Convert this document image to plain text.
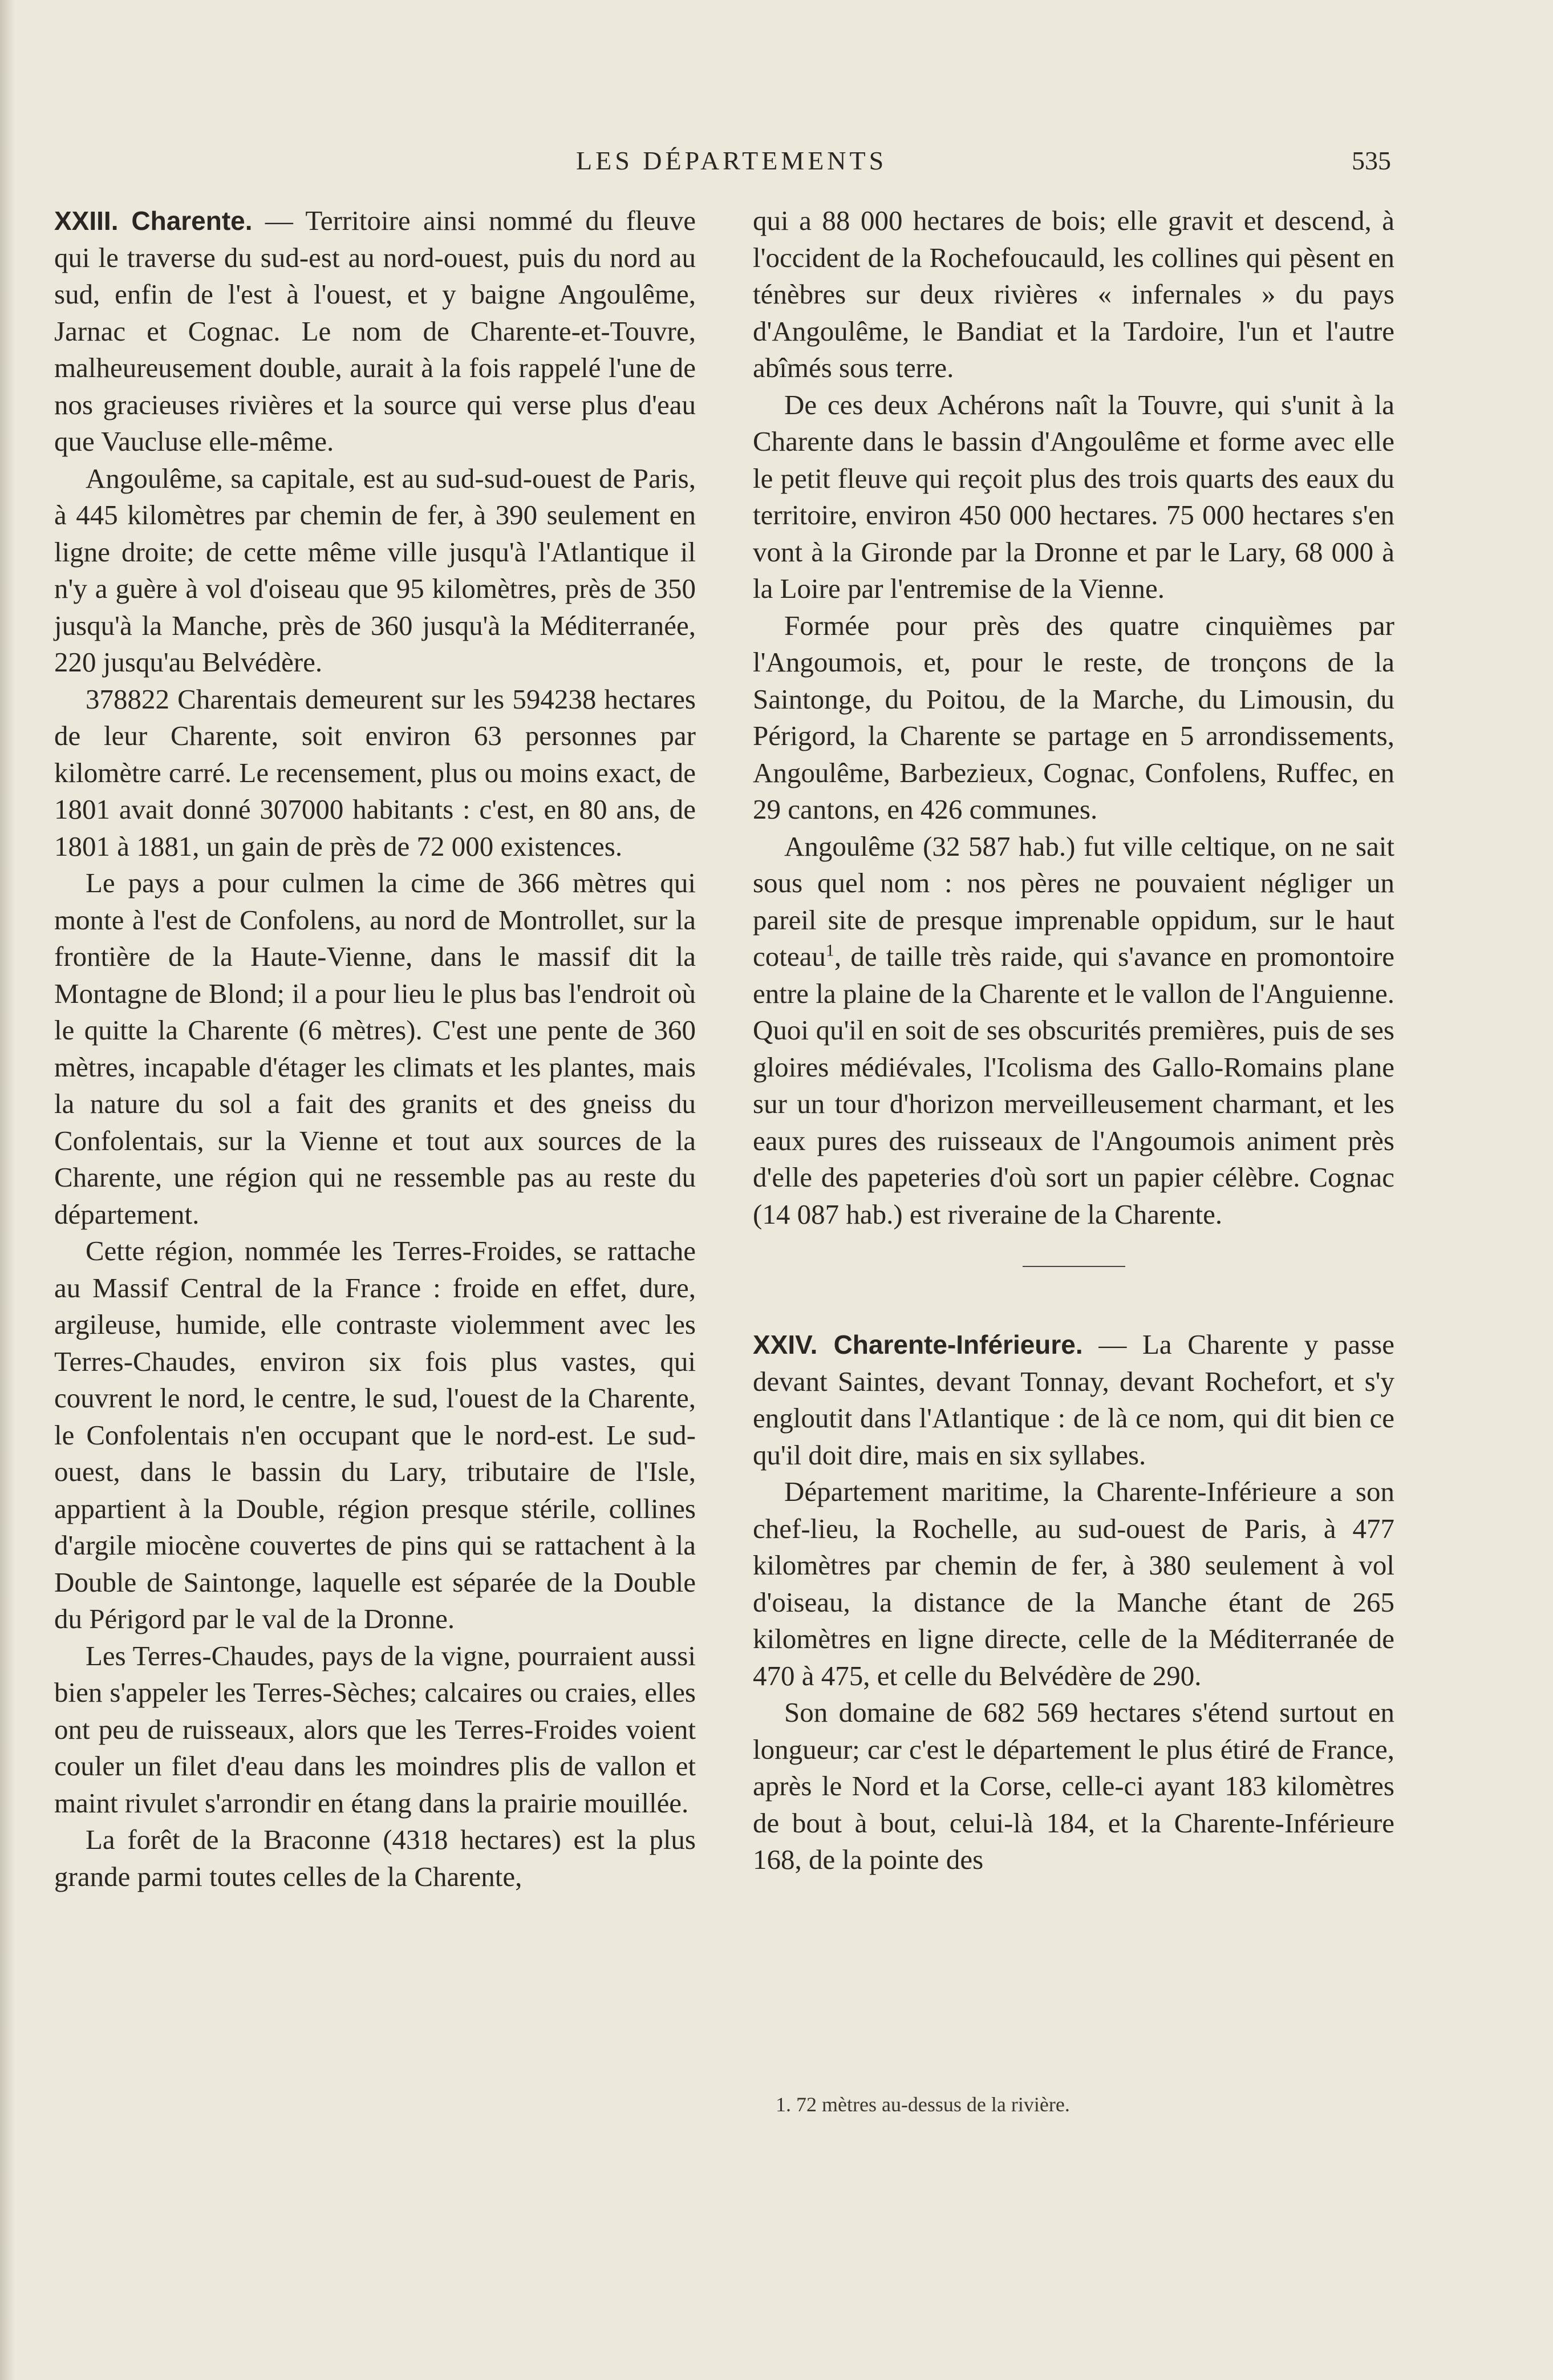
LES DÉPARTEMENTS	535

XXIII. Charente. — Territoire ainsi nommé du fleuve qui le traverse du sud-est au nord-ouest, puis du nord au sud, enfin de l'est à l'ouest, et y baigne Angoulême, Jarnac et Cognac. Le nom de Charente-et-Touvre, malheureusement double, aurait à la fois rappelé l'une de nos gracieuses rivières et la source qui verse plus d'eau que Vaucluse elle-même.

Angoulême, sa capitale, est au sud-sud-ouest de Paris, à 445 kilomètres par chemin de fer, à 390 seulement en ligne droite; de cette même ville jusqu'à l'Atlantique il n'y a guère à vol d'oiseau que 95 kilomètres, près de 350 jusqu'à la Manche, près de 360 jusqu'à la Méditerranée, 220 jusqu'au Belvédère.

378822 Charentais demeurent sur les 594238 hectares de leur Charente, soit environ 63 personnes par kilomètre carré. Le recensement, plus ou moins exact, de 1801 avait donné 307000 habitants : c'est, en 80 ans, de 1801 à 1881, un gain de près de 72 000 existences.

Le pays a pour culmen la cime de 366 mètres qui monte à l'est de Confolens, au nord de Montrollet, sur la frontière de la Haute-Vienne, dans le massif dit la Montagne de Blond; il a pour lieu le plus bas l'endroit où le quitte la Charente (6 mètres). C'est une pente de 360 mètres, incapable d'étager les climats et les plantes, mais la nature du sol a fait des granits et des gneiss du Confolentais, sur la Vienne et tout aux sources de la Charente, une région qui ne ressemble pas au reste du département.

Cette région, nommée les Terres-Froides, se rattache au Massif Central de la France : froide en effet, dure, argileuse, humide, elle contraste violemment avec les Terres-Chaudes, environ six fois plus vastes, qui couvrent le nord, le centre, le sud, l'ouest de la Charente, le Confolentais n'en occupant que le nord-est. Le sud-ouest, dans le bassin du Lary, tributaire de l'Isle, appartient à la Double, région presque stérile, collines d'argile miocène couvertes de pins qui se rattachent à la Double de Saintonge, laquelle est séparée de la Double du Périgord par le val de la Dronne.

Les Terres-Chaudes, pays de la vigne, pourraient aussi bien s'appeler les Terres-Sèches; calcaires ou craies, elles ont peu de ruisseaux, alors que les Terres-Froides voient couler un filet d'eau dans les moindres plis de vallon et maint rivulet s'arrondir en étang dans la prairie mouillée.

La forêt de la Braconne (4318 hectares) est la plus grande parmi toutes celles de la Charente,

qui a 88 000 hectares de bois; elle gravit et descend, à l'occident de la Rochefoucauld, les collines qui pèsent en ténèbres sur deux rivières « infernales » du pays d'Angoulême, le Bandiat et la Tardoire, l'un et l'autre abîmés sous terre.

De ces deux Achérons naît la Touvre, qui s'unit à la Charente dans le bassin d'Angoulême et forme avec elle le petit fleuve qui reçoit plus des trois quarts des eaux du territoire, environ 450 000 hectares. 75 000 hectares s'en vont à la Gironde par la Dronne et par le Lary, 68 000 à la Loire par l'entremise de la Vienne.

Formée pour près des quatre cinquièmes par l'Angoumois, et, pour le reste, de tronçons de la Saintonge, du Poitou, de la Marche, du Limousin, du Périgord, la Charente se partage en 5 arrondissements, Angoulême, Barbezieux, Cognac, Confolens, Ruffec, en 29 cantons, en 426 communes.

Angoulême (32 587 hab.) fut ville celtique, on ne sait sous quel nom : nos pères ne pouvaient négliger un pareil site de presque imprenable oppidum, sur le haut coteau$^1$, de taille très raide, qui s'avance en promontoire entre la plaine de la Charente et le vallon de l'Anguienne. Quoi qu'il en soit de ses obscurités premières, puis de ses gloires médiévales, l'Icolisma des Gallo-Romains plane sur un tour d'horizon merveilleusement charmant, et les eaux pures des ruisseaux de l'Angoumois animent près d'elle des papeteries d'où sort un papier célèbre. Cognac (14 087 hab.) est riveraine de la Charente.

XXIV. Charente-Inférieure. — La Charente y passe devant Saintes, devant Tonnay, devant Rochefort, et s'y engloutit dans l'Atlantique : de là ce nom, qui dit bien ce qu'il doit dire, mais en six syllabes.

Département maritime, la Charente-Inférieure a son chef-lieu, la Rochelle, au sud-ouest de Paris, à 477 kilomètres par chemin de fer, à 380 seulement à vol d'oiseau, la distance de la Manche étant de 265 kilomètres en ligne directe, celle de la Méditerranée de 470 à 475, et celle du Belvédère de 290.

Son domaine de 682 569 hectares s'étend surtout en longueur; car c'est le département le plus étiré de France, après le Nord et la Corse, celle-ci ayant 183 kilomètres de bout à bout, celui-là 184, et la Charente-Inférieure 168, de la pointe des

1. 72 mètres au-dessus de la rivière.
